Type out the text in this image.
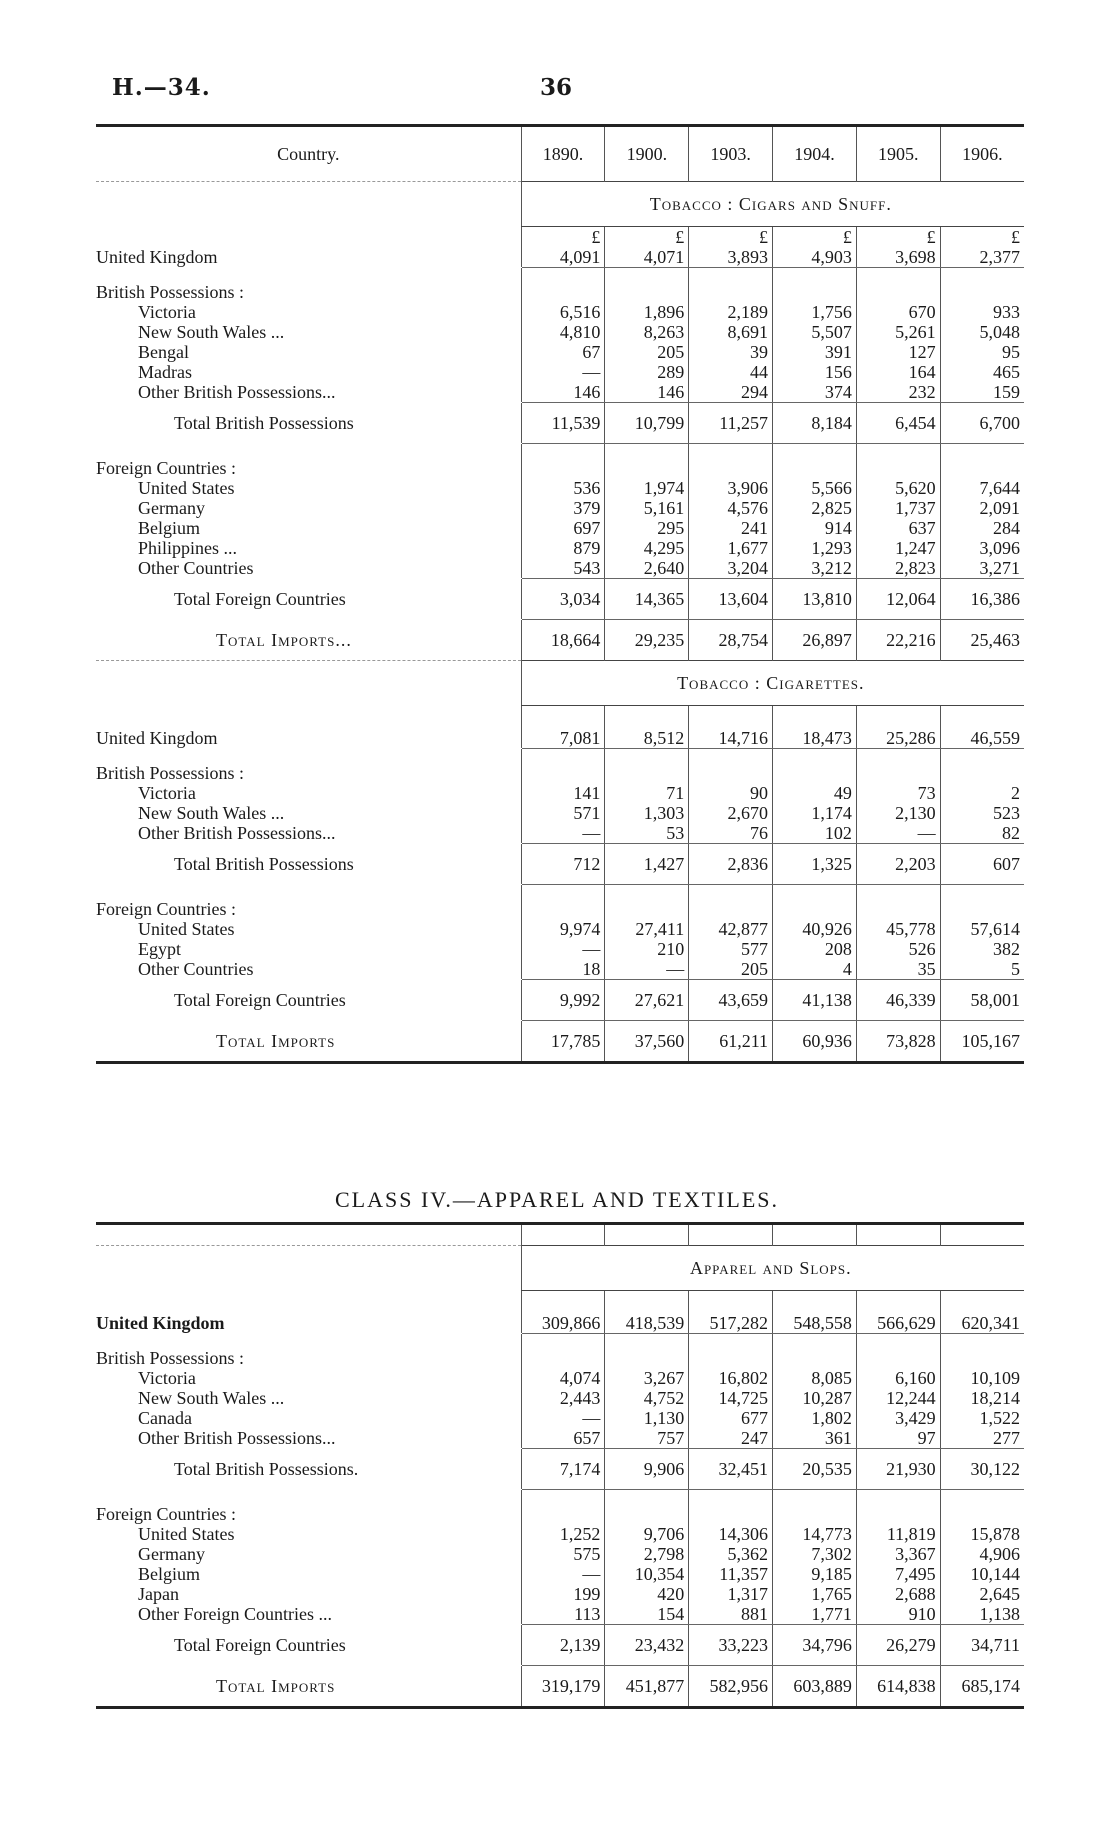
H.—34.	36
Country.	1890.	1900.	1903.	1904.	1905.	1906.
	Tobacco : Cigars and Snuff.					
	£	£	£	£	£	£
United Kingdom	4,091	4,071	3,893	4,903	3,698	2,377

British Possessions :						
Victoria	6,516	1,896	2,189	1,756	670	933
New South Wales ...	4,810	8,263	8,691	5,507	5,261	5,048
Bengal	67	205	39	391	127	95
Madras	—	289	44	156	164	465
Other British Possessions...	146	146	294	374	232	159
Total British Possessions	11,539	10,799	11,257	8,184	6,454	6,700

Foreign Countries :						
United States	536	1,974	3,906	5,566	5,620	7,644
Germany	379	5,161	4,576	2,825	1,737	2,091
Belgium	697	295	241	914	637	284
Philippines ...	879	4,295	1,677	1,293	1,247	3,096
Other Countries	543	2,640	3,204	3,212	2,823	3,271
Total Foreign Countries	3,034	14,365	13,604	13,810	12,064	16,386
Total Imports...	18,664	29,235	28,754	26,897	22,216	25,463
	Tobacco : Cigarettes.					

United Kingdom	7,081	8,512	14,716	18,473	25,286	46,559

British Possessions :						
Victoria	141	71	90	49	73	2
New South Wales ...	571	1,303	2,670	1,174	2,130	523
Other British Possessions...	—	53	76	102	—	82
Total British Possessions	712	1,427	2,836	1,325	2,203	607

Foreign Countries :						
United States	9,974	27,411	42,877	40,926	45,778	57,614
Egypt	—	210	577	208	526	382
Other Countries	18	—	205	4	35	5
Total Foreign Countries	9,992	27,621	43,659	41,138	46,339	58,001
Total Imports	17,785	37,560	61,211	60,936	73,828	105,167
CLASS IV.—APPAREL AND TEXTILES.

	Apparel and Slops.					

United Kingdom	309,866	418,539	517,282	548,558	566,629	620,341

British Possessions :						
Victoria	4,074	3,267	16,802	8,085	6,160	10,109
New South Wales ...	2,443	4,752	14,725	10,287	12,244	18,214
Canada	—	1,130	677	1,802	3,429	1,522
Other British Possessions...	657	757	247	361	97	277
Total British Possessions.	7,174	9,906	32,451	20,535	21,930	30,122

Foreign Countries :						
United States	1,252	9,706	14,306	14,773	11,819	15,878
Germany	575	2,798	5,362	7,302	3,367	4,906
Belgium	—	10,354	11,357	9,185	7,495	10,144
Japan	199	420	1,317	1,765	2,688	2,645
Other Foreign Countries ...	113	154	881	1,771	910	1,138
Total Foreign Countries	2,139	23,432	33,223	34,796	26,279	34,711
Total Imports	319,179	451,877	582,956	603,889	614,838	685,174
